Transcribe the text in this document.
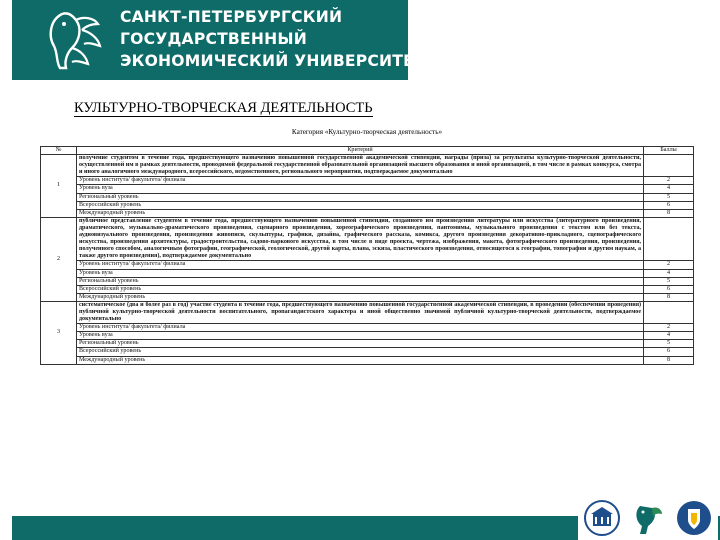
САНКТ-ПЕТЕРБУРГСКИЙ
ГОСУДАРСТВЕННЫЙ
ЭКОНОМИЧЕСКИЙ УНИВЕРСИТЕТ
КУЛЬТУРНО-ТВОРЧЕСКАЯ ДЕЯТЕЛЬНОСТЬ
Категория «Культурно-творческая деятельность»
№	Критерий	Баллы
1	получение студентом в течение года, предшествующего назначению повышенной государственной академической стипендии, награды (приза) за результаты культурно-творческой деятельности, осуществленной им в рамках деятельности, проводимой федеральной государственной образовательной организацией высшего образования и иной организацией, в том числе в рамках конкурса, смотра и иного аналогичного международного, всероссийского, ведомственного, регионального мероприятия, подтверждаемое документально	
	Уровень института/ факультета/ филиала	2
	Уровень вуза	4
	Региональный уровень	5
	Всероссийский уровень	6
	Международный уровень	8
2	публичное представление студентом в течение года, предшествующего назначению повышенной стипендии, созданного им произведения литературы или искусства (литературного произведения, драматического, музыкально-драматического произведения, сценарного произведения, хореографического произведения, пантомимы, музыкального произведения с текстом или без текста, аудиовизуального произведения, произведения живописи, скульптуры, графики, дизайна, графического рассказа, комикса, другого произведения декоративно-прикладного, сценографического искусства, произведения архитектуры, градостроительства, садово-паркового искусства, в том числе в виде проекта, чертежа, изображения, макета, фотографического произведения, произведения, полученного способом, аналогичным фотографии, географической, геологической, другой карты, плана, эскиза, пластического произведения, относящегося к географии, топографии и другим наукам, а также другого произведения), подтверждаемое документально	
	Уровень института/ факультета/ филиала	2
	Уровень вуза	4
	Региональный уровень	5
	Всероссийский уровень	6
	Международный уровень	8
3	систематическое (два и более раз в год) участие студента в течение года, предшествующего назначению повышенной государственной академической стипендии, в проведении (обеспечении проведения) публичной культурно-творческой деятельности воспитательного, пропагандистского характера и иной общественно значимой публичной культурно-творческой деятельности, подтверждаемое документально	
	Уровень института/ факультета/ филиала	2
	Уровень вуза	4
	Региональный уровень	5
	Всероссийский уровень	6
	Международный уровень	8
